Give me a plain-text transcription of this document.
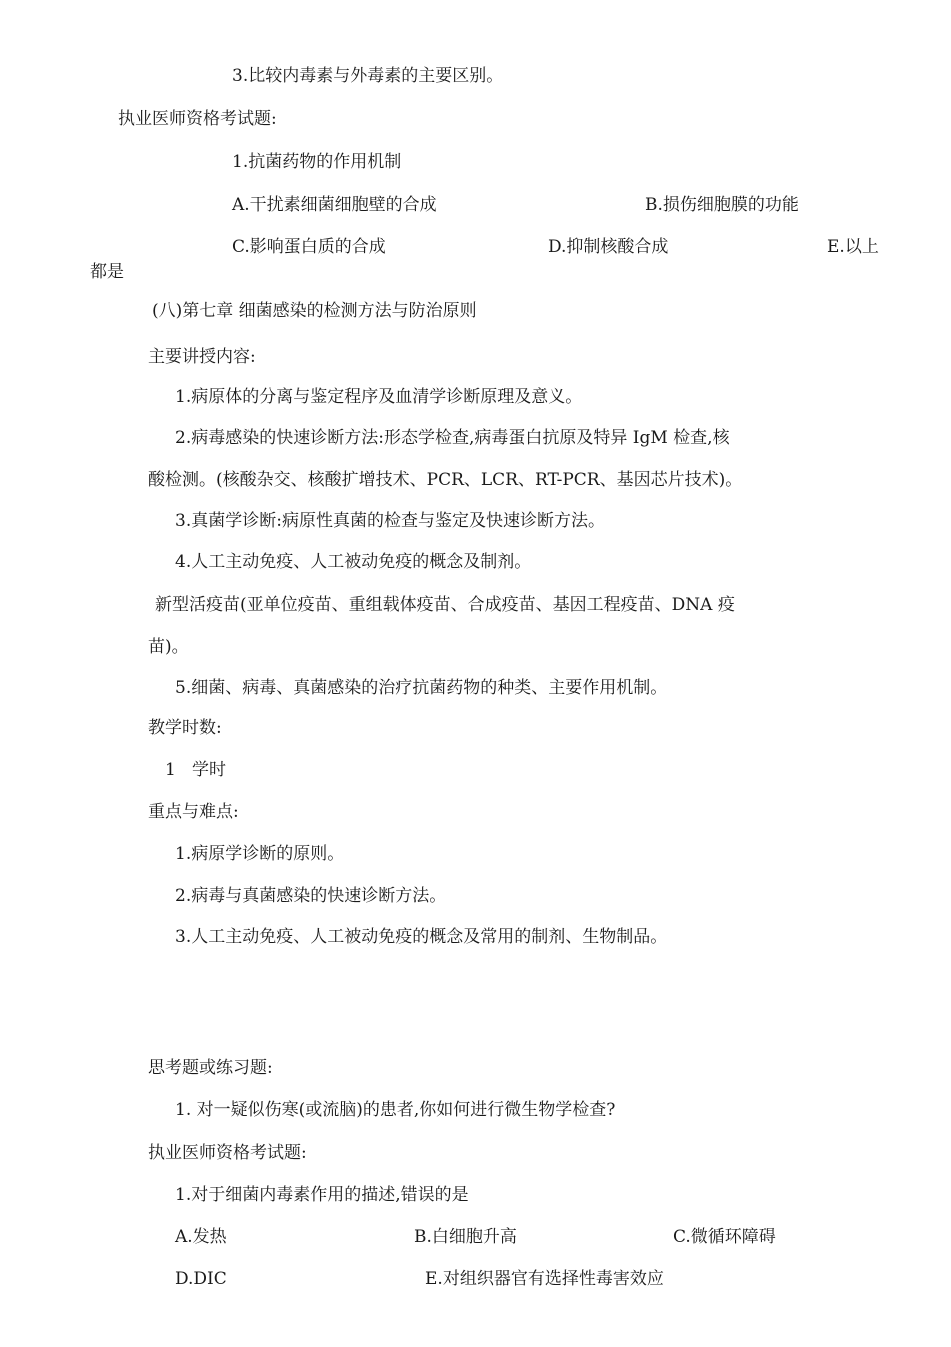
3.比较内毒素与外毒素的主要区别。
执业医师资格考试题:
1.抗菌药物的作用机制
A.干扰素细菌细胞壁的合成	B.损伤细胞膜的功能
C.影响蛋白质的合成	D.抑制核酸合成	E.以上
都是
(八)第七章 细菌感染的检测方法与防治原则
主要讲授内容:
1.病原体的分离与鉴定程序及血清学诊断原理及意义。
2.病毒感染的快速诊断方法:形态学检查,病毒蛋白抗原及特异 IgM 检查,核
酸检测。(核酸杂交、核酸扩增技术、PCR、LCR、RT-PCR、基因芯片技术)。
3.真菌学诊断:病原性真菌的检查与鉴定及快速诊断方法。
4.人工主动免疫、人工被动免疫的概念及制剂。
新型活疫苗(亚单位疫苗、重组载体疫苗、合成疫苗、基因工程疫苗、DNA 疫
苗)。
5.细菌、病毒、真菌感染的治疗抗菌药物的种类、主要作用机制。
教学时数:
1   学时
重点与难点:
1.病原学诊断的原则。
2.病毒与真菌感染的快速诊断方法。
3.人工主动免疫、人工被动免疫的概念及常用的制剂、生物制品。
思考题或练习题:
1. 对一疑似伤寒(或流脑)的患者,你如何进行微生物学检查?
执业医师资格考试题:
1.对于细菌内毒素作用的描述,错误的是
A.发热	B.白细胞升高	C.微循环障碍
D.DIC	E.对组织器官有选择性毒害效应
